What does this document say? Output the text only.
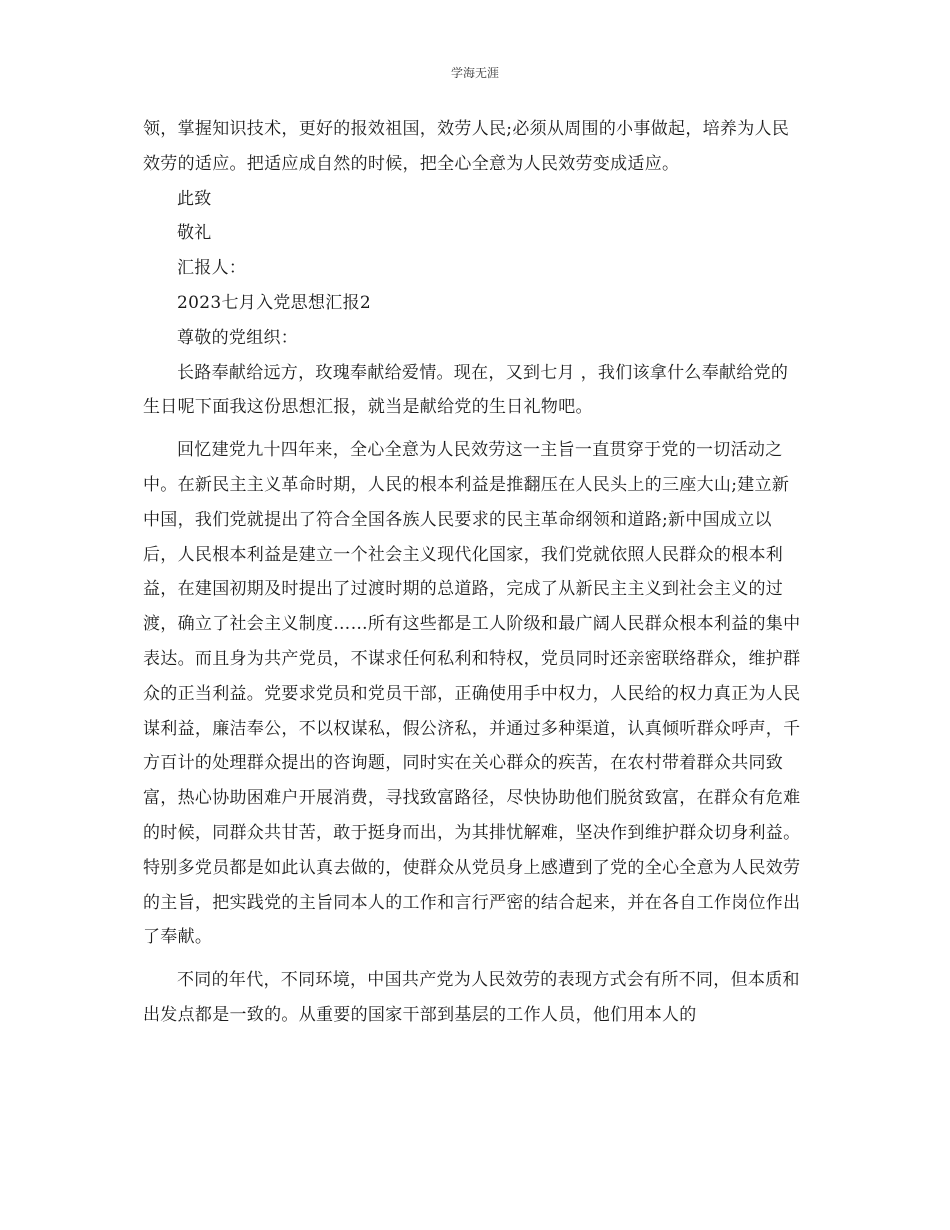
学海无涯

领，掌握知识技术，更好的报效祖国，效劳人民;必须从周围的小事做起，培养为人民效劳的适应。把适应成自然的时候，把全心全意为人民效劳变成适应。

此致

敬礼

汇报人：

2023七月入党思想汇报2

尊敬的党组织：

长路奉献给远方，玫瑰奉献给爱情。现在，又到七月 ，我们该拿什么奉献给党的生日呢下面我这份思想汇报，就当是献给党的生日礼物吧。

回忆建党九十四年来，全心全意为人民效劳这一主旨一直贯穿于党的一切活动之中。在新民主主义革命时期，人民的根本利益是推翻压在人民头上的三座大山;建立新中国，我们党就提出了符合全国各族人民要求的民主革命纲领和道路;新中国成立以后，人民根本利益是建立一个社会主义现代化国家，我们党就依照人民群众的根本利益，在建国初期及时提出了过渡时期的总道路，完成了从新民主主义到社会主义的过渡，确立了社会主义制度……所有这些都是工人阶级和最广阔人民群众根本利益的集中表达。而且身为共产党员，不谋求任何私利和特权，党员同时还亲密联络群众，维护群众的正当利益。党要求党员和党员干部，正确使用手中权力，人民给的权力真正为人民谋利益，廉洁奉公，不以权谋私，假公济私，并通过多种渠道，认真倾听群众呼声，千方百计的处理群众提出的咨询题，同时实在关心群众的疾苦，在农村带着群众共同致富，热心协助困难户开展消费，寻找致富路径，尽快协助他们脱贫致富，在群众有危难的时候，同群众共甘苦，敢于挺身而出，为其排忧解难，坚决作到维护群众切身利益。特别多党员都是如此认真去做的，使群众从党员身上感遭到了党的全心全意为人民效劳的主旨，把实践党的主旨同本人的工作和言行严密的结合起来，并在各自工作岗位作出了奉献。

不同的年代，不同环境，中国共产党为人民效劳的表现方式会有所不同，但本质和出发点都是一致的。从重要的国家干部到基层的工作人员，他们用本人的
